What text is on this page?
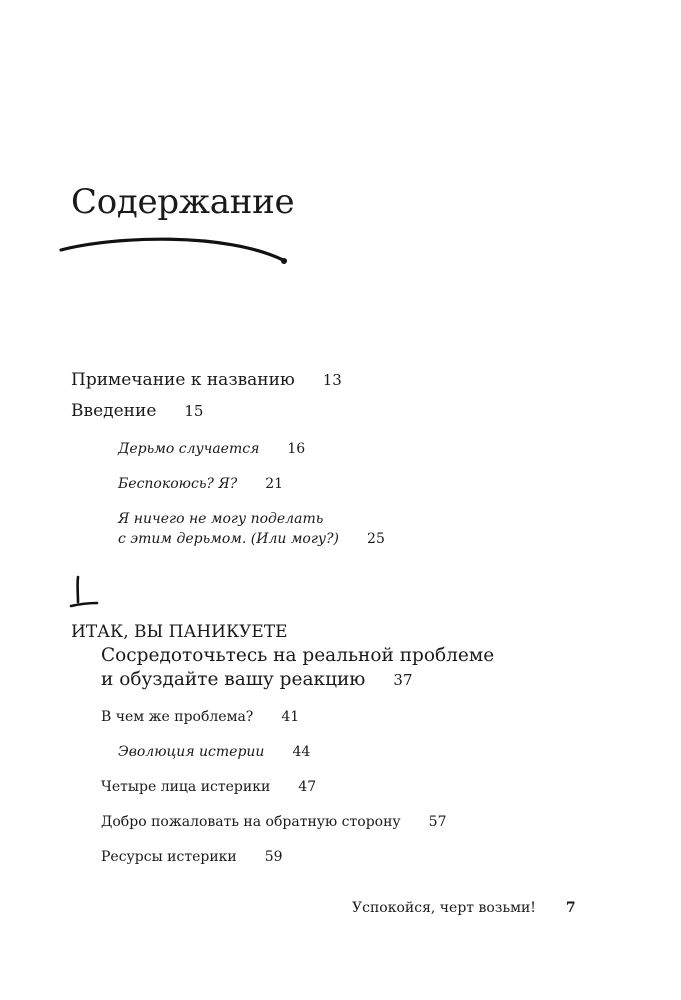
Содержание
Примечание к названию 13
Введение 15
Дерьмо случается 16
Беспокоюсь? Я? 21
Я ничего не могу поделать
с этим дерьмом. (Или могу?) 25
ИТАК, ВЫ ПАНИКУЕТЕ
Сосредоточьтесь на реальной проблеме
и обуздайте вашу реакцию 37
В чем же проблема? 41
Эволюция истерии 44
Четыре лица истерики 47
Добро пожаловать на обратную сторону 57
Ресурсы истерики 59
Успокойся, черт возьми! 7
